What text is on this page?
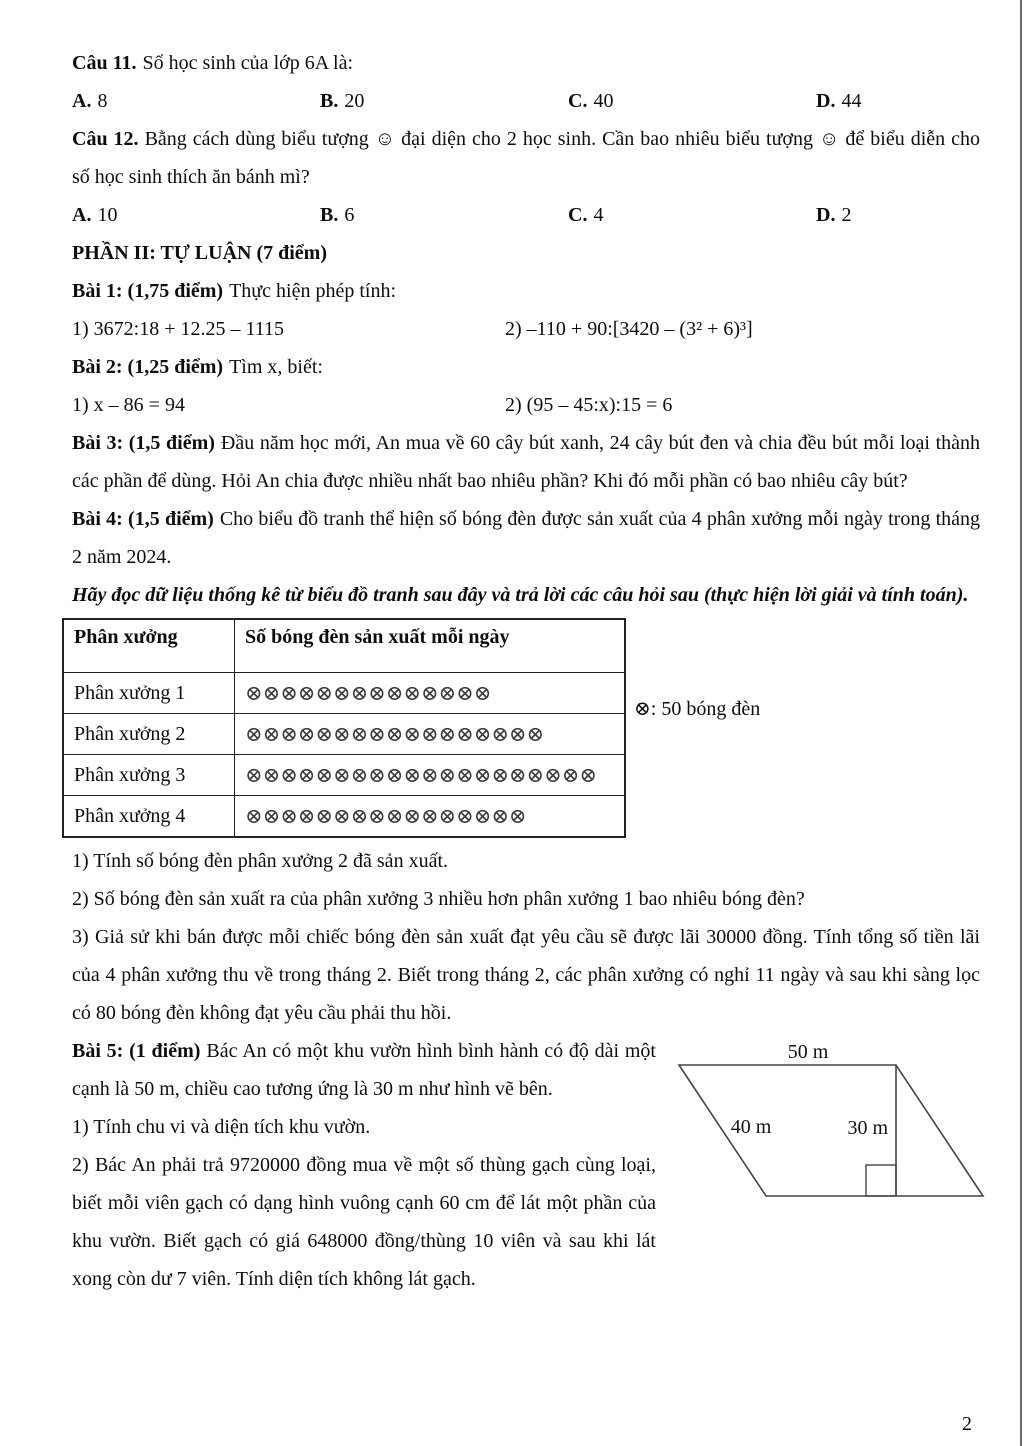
Câu 11. Số học sinh của lớp 6A là:

A. 8	B. 20	C. 40	D. 44

Câu 12. Bằng cách dùng biểu tượng ☺ đại diện cho 2 học sinh. Cần bao nhiêu biểu tượng ☺ để biểu diễn cho số học sinh thích ăn bánh mì?

A. 10	B. 6	C. 4	D. 2

PHẦN II: TỰ LUẬN (7 điểm)

Bài 1: (1,75 điểm) Thực hiện phép tính:

1) 3672:18 + 12.25 – 1115	2) –110 + 90:[3420 – (3² + 6)³]

Bài 2: (1,25 điểm) Tìm x, biết:

1) x – 86 = 94	2) (95 – 45:x):15 = 6

Bài 3: (1,5 điểm) Đầu năm học mới, An mua về 60 cây bút xanh, 24 cây bút đen và chia đều bút mỗi loại thành các phần để dùng. Hỏi An chia được nhiều nhất bao nhiêu phần? Khi đó mỗi phần có bao nhiêu cây bút?

Bài 4: (1,5 điểm) Cho biểu đồ tranh thể hiện số bóng đèn được sản xuất của 4 phân xưởng mỗi ngày trong tháng 2 năm 2024.

Hãy đọc dữ liệu thống kê từ biểu đồ tranh sau đây và trả lời các câu hỏi sau (thực hiện lời giải và tính toán).

Phân xưởng	Số bóng đèn sản xuất mỗi ngày
Phân xưởng 1	⊗⊗⊗⊗⊗⊗⊗⊗⊗⊗⊗⊗⊗⊗
Phân xưởng 2	⊗⊗⊗⊗⊗⊗⊗⊗⊗⊗⊗⊗⊗⊗⊗⊗⊗
Phân xưởng 3	⊗⊗⊗⊗⊗⊗⊗⊗⊗⊗⊗⊗⊗⊗⊗⊗⊗⊗⊗⊗
Phân xưởng 4	⊗⊗⊗⊗⊗⊗⊗⊗⊗⊗⊗⊗⊗⊗⊗⊗
⊗: 50 bóng đèn

1) Tính số bóng đèn phân xưởng 2 đã sản xuất.

2) Số bóng đèn sản xuất ra của phân xưởng 3 nhiều hơn phân xưởng 1 bao nhiêu bóng đèn?

3) Giả sử khi bán được mỗi chiếc bóng đèn sản xuất đạt yêu cầu sẽ được lãi 30000 đồng. Tính tổng số tiền lãi của 4 phân xưởng thu về trong tháng 2. Biết trong tháng 2, các phân xưởng có nghỉ 11 ngày và sau khi sàng lọc có 80 bóng đèn không đạt yêu cầu phải thu hồi.

50 m
40 m	30 m

Bài 5: (1 điểm) Bác An có một khu vườn hình bình hành có độ dài một cạnh là 50 m, chiều cao tương ứng là 30 m như hình vẽ bên.

1) Tính chu vi và diện tích khu vườn.

2) Bác An phải trả 9720000 đồng mua về một số thùng gạch cùng loại, biết mỗi viên gạch có dạng hình vuông cạnh 60 cm để lát một phần của khu vườn. Biết gạch có giá 648000 đồng/thùng 10 viên và sau khi lát xong còn dư 7 viên. Tính diện tích không lát gạch.

2
